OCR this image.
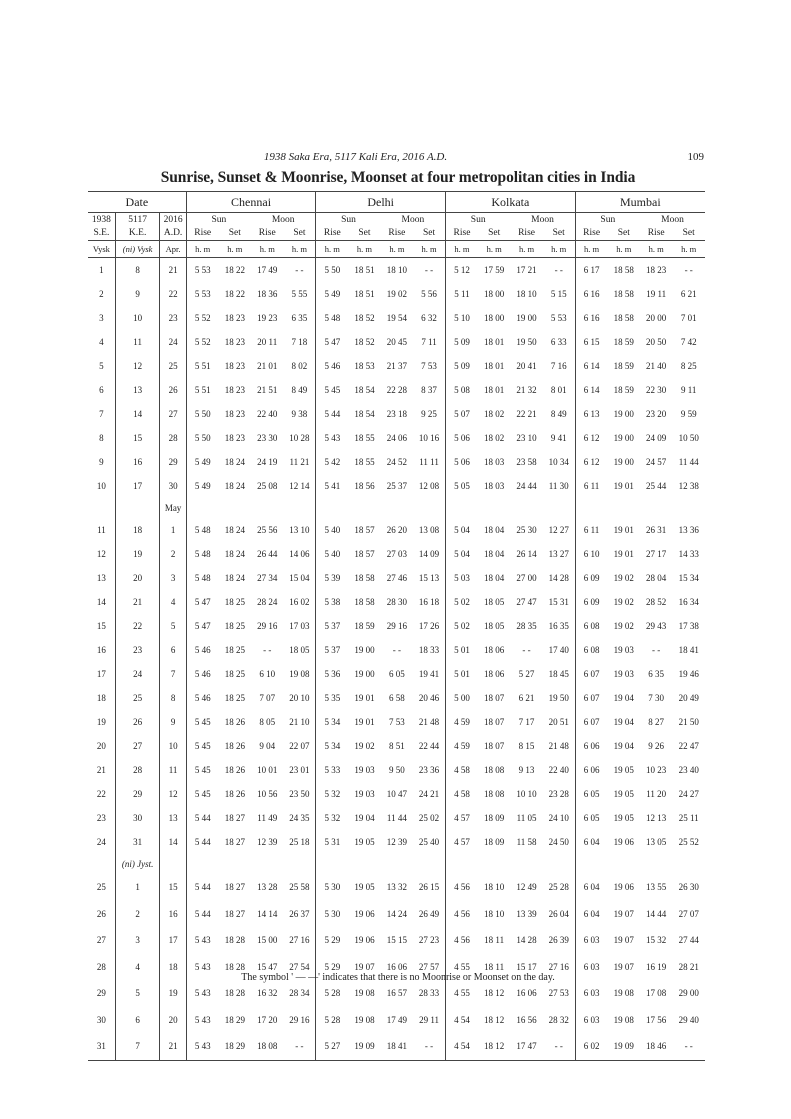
1938 Saka Era, 5117 Kali Era, 2016 A.D.	109
Sunrise, Sunset & Moonrise, Moonset at four metropolitan cities in India
Date			Chennai				Delhi				Kolkata				Mumbai			
1938	5117	2016	Sun		Moon		Sun		Moon		Sun		Moon		Sun		Moon	
S.E.	K.E.	A.D.	Rise	Set	Rise	Set	Rise	Set	Rise	Set	Rise	Set	Rise	Set	Rise	Set	Rise	Set
Vysk	(ni) Vysk	Apr.	h. m	h. m	h. m	h. m	h. m	h. m	h. m	h. m	h. m	h. m	h. m	h. m	h. m	h. m	h. m	h. m
1	8	21	5 53	18 22	17 49	- -	5 50	18 51	18 10	- -	5 12	17 59	17 21	- -	6 17	18 58	18 23	- -
2	9	22	5 53	18 22	18 36	5 55	5 49	18 51	19 02	5 56	5 11	18 00	18 10	5 15	6 16	18 58	19 11	6 21
3	10	23	5 52	18 23	19 23	6 35	5 48	18 52	19 54	6 32	5 10	18 00	19 00	5 53	6 16	18 58	20 00	7 01
4	11	24	5 52	18 23	20 11	7 18	5 47	18 52	20 45	7 11	5 09	18 01	19 50	6 33	6 15	18 59	20 50	7 42
5	12	25	5 51	18 23	21 01	8 02	5 46	18 53	21 37	7 53	5 09	18 01	20 41	7 16	6 14	18 59	21 40	8 25
6	13	26	5 51	18 23	21 51	8 49	5 45	18 54	22 28	8 37	5 08	18 01	21 32	8 01	6 14	18 59	22 30	9 11
7	14	27	5 50	18 23	22 40	9 38	5 44	18 54	23 18	9 25	5 07	18 02	22 21	8 49	6 13	19 00	23 20	9 59
8	15	28	5 50	18 23	23 30	10 28	5 43	18 55	24 06	10 16	5 06	18 02	23 10	9 41	6 12	19 00	24 09	10 50
9	16	29	5 49	18 24	24 19	11 21	5 42	18 55	24 52	11 11	5 06	18 03	23 58	10 34	6 12	19 00	24 57	11 44
10	17	30	5 49	18 24	25 08	12 14	5 41	18 56	25 37	12 08	5 05	18 03	24 44	11 30	6 11	19 01	25 44	12 38
		May																
11	18	1	5 48	18 24	25 56	13 10	5 40	18 57	26 20	13 08	5 04	18 04	25 30	12 27	6 11	19 01	26 31	13 36
12	19	2	5 48	18 24	26 44	14 06	5 40	18 57	27 03	14 09	5 04	18 04	26 14	13 27	6 10	19 01	27 17	14 33
13	20	3	5 48	18 24	27 34	15 04	5 39	18 58	27 46	15 13	5 03	18 04	27 00	14 28	6 09	19 02	28 04	15 34
14	21	4	5 47	18 25	28 24	16 02	5 38	18 58	28 30	16 18	5 02	18 05	27 47	15 31	6 09	19 02	28 52	16 34
15	22	5	5 47	18 25	29 16	17 03	5 37	18 59	29 16	17 26	5 02	18 05	28 35	16 35	6 08	19 02	29 43	17 38
16	23	6	5 46	18 25	- -	18 05	5 37	19 00	- -	18 33	5 01	18 06	- -	17 40	6 08	19 03	- -	18 41
17	24	7	5 46	18 25	6 10	19 08	5 36	19 00	6 05	19 41	5 01	18 06	5 27	18 45	6 07	19 03	6 35	19 46
18	25	8	5 46	18 25	7 07	20 10	5 35	19 01	6 58	20 46	5 00	18 07	6 21	19 50	6 07	19 04	7 30	20 49
19	26	9	5 45	18 26	8 05	21 10	5 34	19 01	7 53	21 48	4 59	18 07	7 17	20 51	6 07	19 04	8 27	21 50
20	27	10	5 45	18 26	9 04	22 07	5 34	19 02	8 51	22 44	4 59	18 07	8 15	21 48	6 06	19 04	9 26	22 47
21	28	11	5 45	18 26	10 01	23 01	5 33	19 03	9 50	23 36	4 58	18 08	9 13	22 40	6 06	19 05	10 23	23 40
22	29	12	5 45	18 26	10 56	23 50	5 32	19 03	10 47	24 21	4 58	18 08	10 10	23 28	6 05	19 05	11 20	24 27
23	30	13	5 44	18 27	11 49	24 35	5 32	19 04	11 44	25 02	4 57	18 09	11 05	24 10	6 05	19 05	12 13	25 11
24	31	14	5 44	18 27	12 39	25 18	5 31	19 05	12 39	25 40	4 57	18 09	11 58	24 50	6 04	19 06	13 05	25 52
	(ni) Jyst.																	
25	1	15	5 44	18 27	13 28	25 58	5 30	19 05	13 32	26 15	4 56	18 10	12 49	25 28	6 04	19 06	13 55	26 30
26	2	16	5 44	18 27	14 14	26 37	5 30	19 06	14 24	26 49	4 56	18 10	13 39	26 04	6 04	19 07	14 44	27 07
27	3	17	5 43	18 28	15 00	27 16	5 29	19 06	15 15	27 23	4 56	18 11	14 28	26 39	6 03	19 07	15 32	27 44
28	4	18	5 43	18 28	15 47	27 54	5 29	19 07	16 06	27 57	4 55	18 11	15 17	27 16	6 03	19 07	16 19	28 21
29	5	19	5 43	18 28	16 32	28 34	5 28	19 08	16 57	28 33	4 55	18 12	16 06	27 53	6 03	19 08	17 08	29 00
30	6	20	5 43	18 29	17 20	29 16	5 28	19 08	17 49	29 11	4 54	18 12	16 56	28 32	6 03	19 08	17 56	29 40
31	7	21	5 43	18 29	18 08	- -	5 27	19 09	18 41	- -	4 54	18 12	17 47	- -	6 02	19 09	18 46	- -
The symbol ' — —' indicates that there is no Moonrise or Moonset on the day.
